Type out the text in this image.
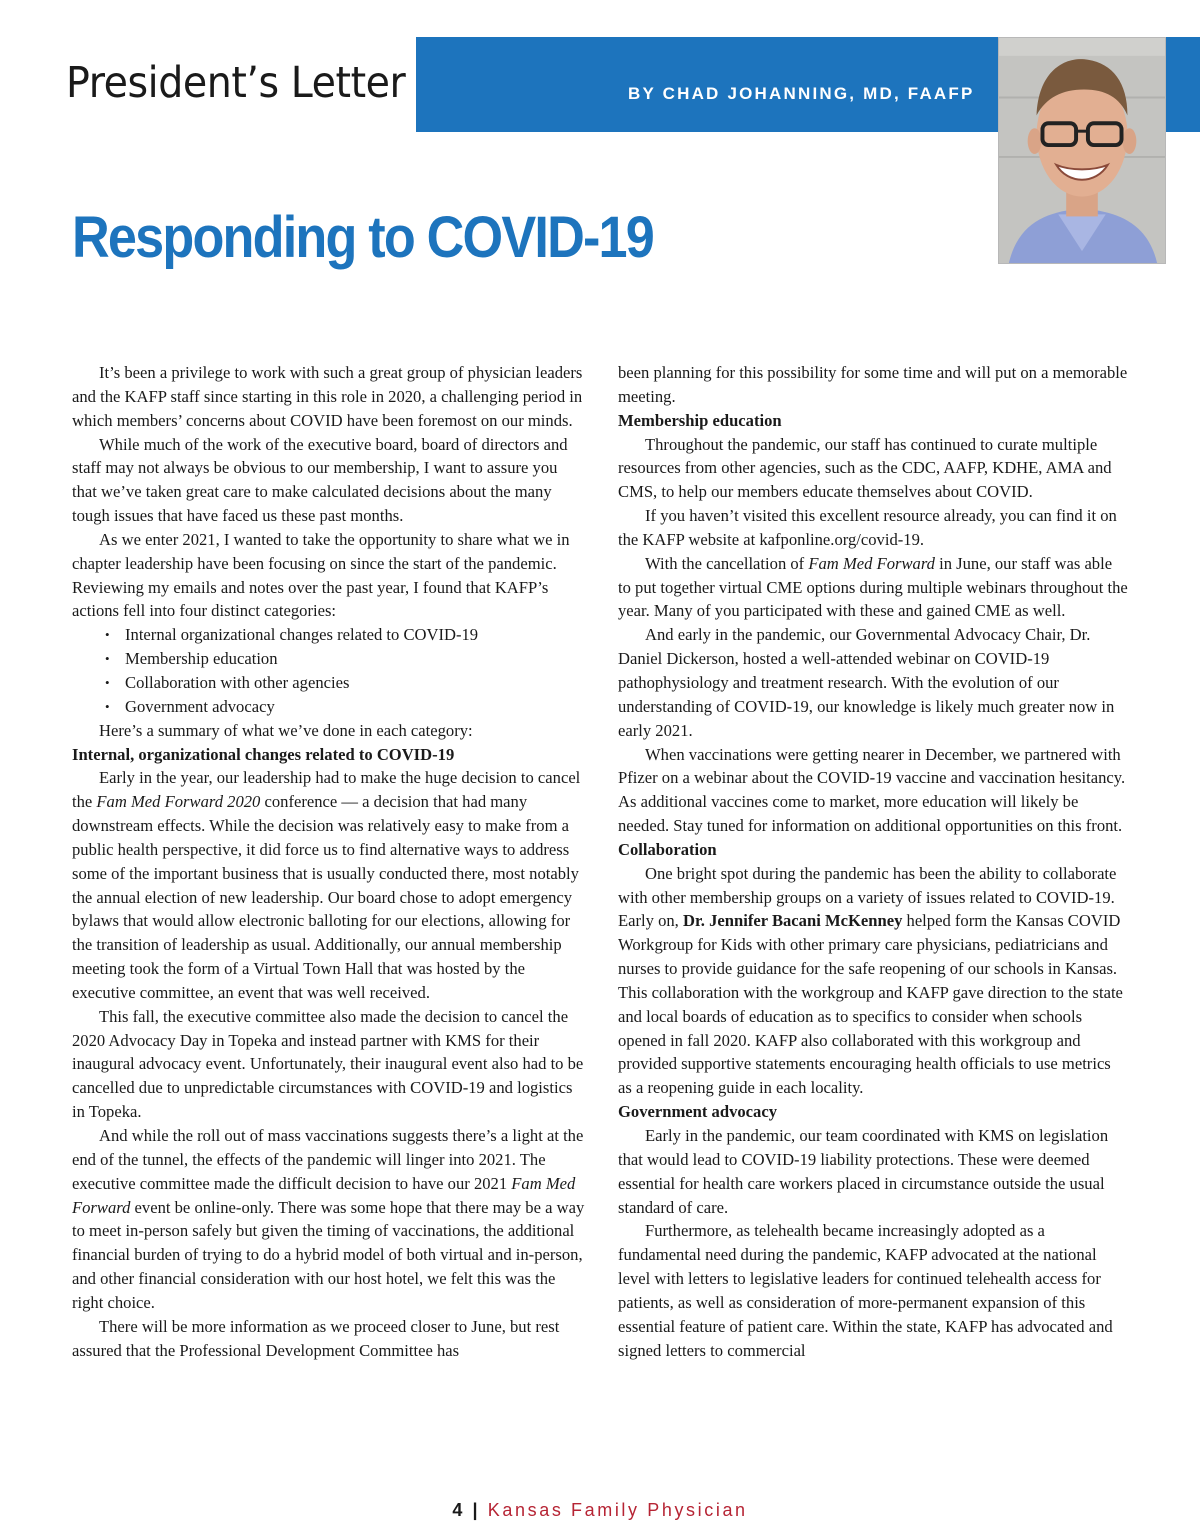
President’s Letter	BY CHAD JOHANNING, MD, FAAFP
Responding to COVID-19

It’s been a privilege to work with such a great group of physician leaders and the KAFP staff since starting in this role in 2020, a challenging period in which members’ concerns about COVID have been foremost on our minds.

While much of the work of the executive board, board of directors and staff may not always be obvious to our membership, I want to assure you that we’ve taken great care to make calculated decisions about the many tough issues that have faced us these past months.

As we enter 2021, I wanted to take the opportunity to share what we in chapter leadership have been focusing on since the start of the pandemic. Reviewing my emails and notes over the past year, I found that KAFP’s actions fell into four distinct categories:

• Internal organizational changes related to COVID-19
• Membership education
• Collaboration with other agencies
• Government advocacy

Here’s a summary of what we’ve done in each category:

Internal, organizational changes related to COVID-19

Early in the year, our leadership had to make the huge decision to cancel the Fam Med Forward 2020 conference — a decision that had many downstream effects. While the decision was relatively easy to make from a public health perspective, it did force us to find alternative ways to address some of the important business that is usually conducted there, most notably the annual election of new leadership. Our board chose to adopt emergency bylaws that would allow electronic balloting for our elections, allowing for the transition of leadership as usual. Additionally, our annual membership meeting took the form of a Virtual Town Hall that was hosted by the executive committee, an event that was well received.

This fall, the executive committee also made the decision to cancel the 2020 Advocacy Day in Topeka and instead partner with KMS for their inaugural advocacy event. Unfortunately, their inaugural event also had to be cancelled due to unpredictable circumstances with COVID-19 and logistics in Topeka.

And while the roll out of mass vaccinations suggests there’s a light at the end of the tunnel, the effects of the pandemic will linger into 2021. The executive committee made the difficult decision to have our 2021 Fam Med Forward event be online-only. There was some hope that there may be a way to meet in-person safely but given the timing of vaccinations, the additional financial burden of trying to do a hybrid model of both virtual and in-person, and other financial consideration with our host hotel, we felt this was the right choice.

There will be more information as we proceed closer to June, but rest assured that the Professional Development Committee has

been planning for this possibility for some time and will put on a memorable meeting.

Membership education

Throughout the pandemic, our staff has continued to curate multiple resources from other agencies, such as the CDC, AAFP, KDHE, AMA and CMS, to help our members educate themselves about COVID.

If you haven’t visited this excellent resource already, you can find it on the KAFP website at kafponline.org/covid-19.

With the cancellation of Fam Med Forward in June, our staff was able to put together virtual CME options during multiple webinars throughout the year. Many of you participated with these and gained CME as well.

And early in the pandemic, our Governmental Advocacy Chair, Dr. Daniel Dickerson, hosted a well-attended webinar on COVID-19 pathophysiology and treatment research. With the evolution of our understanding of COVID-19, our knowledge is likely much greater now in early 2021.

When vaccinations were getting nearer in December, we partnered with Pfizer on a webinar about the COVID-19 vaccine and vaccination hesitancy. As additional vaccines come to market, more education will likely be needed. Stay tuned for information on additional opportunities on this front.

Collaboration

One bright spot during the pandemic has been the ability to collaborate with other membership groups on a variety of issues related to COVID-19. Early on, Dr. Jennifer Bacani McKenney helped form the Kansas COVID Workgroup for Kids with other primary care physicians, pediatricians and nurses to provide guidance for the safe reopening of our schools in Kansas. This collaboration with the workgroup and KAFP gave direction to the state and local boards of education as to specifics to consider when schools opened in fall 2020. KAFP also collaborated with this workgroup and provided supportive statements encouraging health officials to use metrics as a reopening guide in each locality.

Government advocacy

Early in the pandemic, our team coordinated with KMS on legislation that would lead to COVID-19 liability protections. These were deemed essential for health care workers placed in circumstance outside the usual standard of care.

Furthermore, as telehealth became increasingly adopted as a fundamental need during the pandemic, KAFP advocated at the national level with letters to legislative leaders for continued telehealth access for patients, as well as consideration of more-permanent expansion of this essential feature of patient care. Within the state, KAFP has advocated and signed letters to commercial

4 | Kansas Family Physician
